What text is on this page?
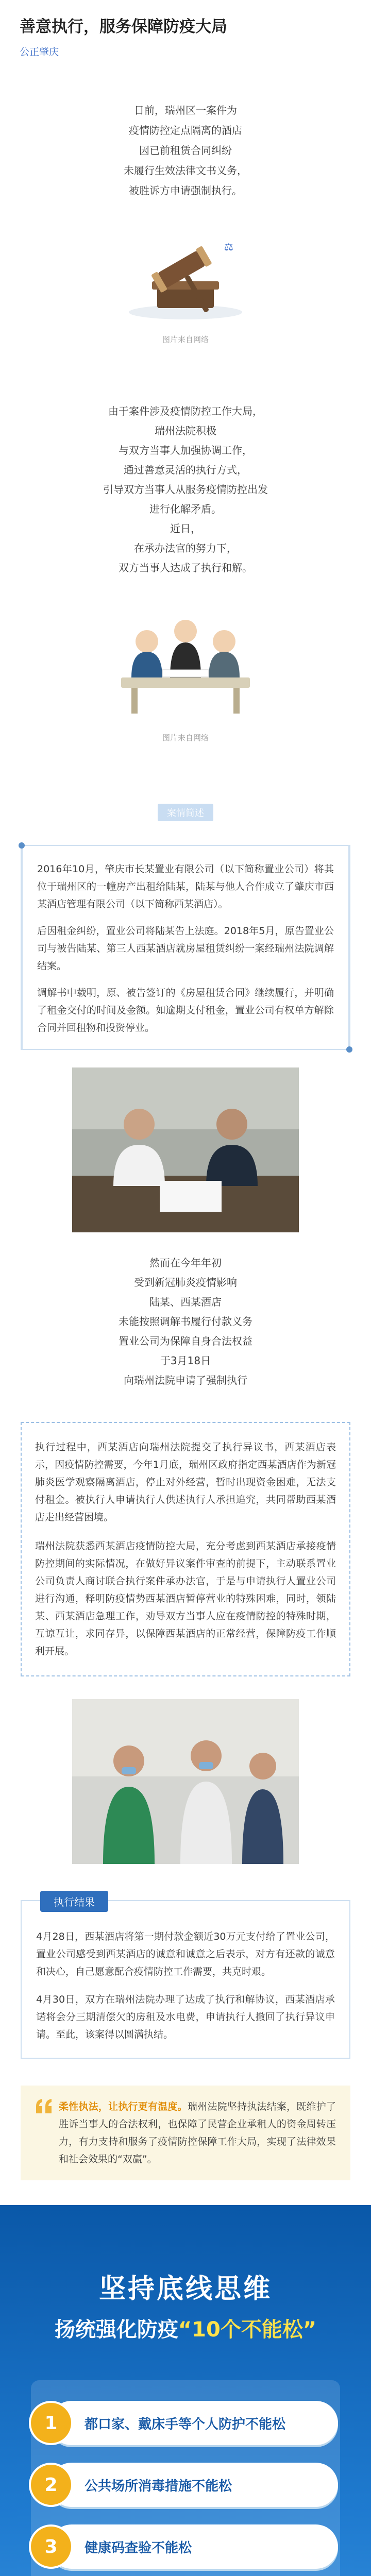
善意执行，服务保障防疫大局
公正肇庆

日前，瑞州区一案件为

疫情防控定点隔离的酒店

因已前租赁合同纠纷

未履行生效法律文书义务，

被胜诉方申请强制执行。

⚖
图片来自网络

由于案件涉及疫情防控工作大局，

瑞州法院积极

与双方当事人加强协调工作，

通过善意灵活的执行方式，

引导双方当事人从服务疫情防控出发

进行化解矛盾。

近日，

在承办法官的努力下，

双方当事人达成了执行和解。

图片来自网络
案情简述

2016年10月，肇庆市长某置业有限公司（以下简称置业公司）将其位于瑞州区的一幢房产出租给陆某，陆某与他人合作成立了肇庆市西某酒店管理有限公司（以下简称西某酒店）。

后因租金纠纷，置业公司将陆某告上法庭。2018年5月，原告置业公司与被告陆某、第三人西某酒店就房屋租赁纠纷一案经瑞州法院调解结案。

调解书中载明，原、被告签订的《房屋租赁合同》继续履行，并明确了租金交付的时间及金额。如逾期支付租金，置业公司有权单方解除合同并回租物和投资停业。

然而在今年年初

受到新冠肺炎疫情影响

陆某、西某酒店

未能按照调解书履行付款义务

置业公司为保障自身合法权益

于3月18日

向瑞州法院申请了强制执行

执行过程中，西某酒店向瑞州法院提交了执行异议书，西某酒店表示，因疫情防控需要，今年1月底，瑞州区政府指定西某酒店作为新冠肺炎医学观察隔离酒店，停止对外经营，暂时出现资金困难，无法支付租金。被执行人申请执行人供述执行人承担追究，共同帮助西某酒店走出经营困境。

瑞州法院获悉西某酒店疫情防控大局，充分考虑到西某酒店承接疫情防控期间的实际情况，在做好异议案件审查的前提下，主动联系置业公司负责人商讨联合执行案件承办法官，于是与申请执行人置业公司进行沟通，释明防疫情势西某酒店暂停营业的特殊困难，同时，领陆某、西某酒店急理工作，劝导双方当事人应在疫情防控的特殊时期，互谅互让，求同存异，以保障西某酒店的正常经营，保障防疫工作顺利开展。

执行结果

4月28日，西某酒店将第一期付款金额近30万元支付给了置业公司，置业公司感受到西某酒店的诚意和诚意之后表示，对方有还款的诚意和决心，自己愿意配合疫情防控工作需要，共克时艰。

4月30日，双方在瑞州法院办理了达成了执行和解协议，西某酒店承诺将会分三期清偿欠的房租及水电费，申请执行人撤回了执行异议申请。至此，该案得以圆满执结。

柔性执法，让执行更有温度。瑞州法院坚持执法结案，既维护了胜诉当事人的合法权利，也保障了民营企业承租人的资金周转压力，有力支持和服务了疫情防控保障工作大局，实现了法律效果和社会效果的“双赢”。
坚持底线思维
扬统强化防疫“10个不能松”
1	都口家、戴床手等个人防护不能松
2	公共场所消毒措施不能松
3	健康码查验不能松
